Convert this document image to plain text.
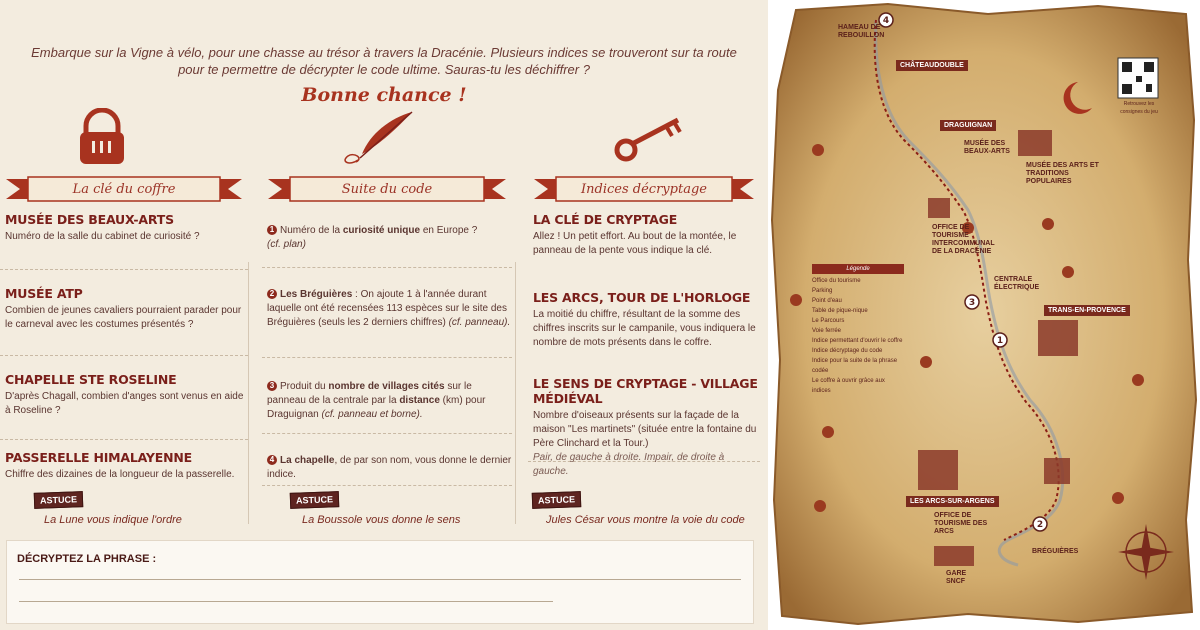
Embarque sur la Vigne à vélo, pour une chasse au trésor à travers la Dracénie. Plusieurs indices se trouveront sur ta route
pour te permettre de décrypter le code ultime. Sauras-tu les déchiffrer ?
Bonne chance !
La clé du coffre
MUSÉE DES BEAUX-ARTS

Numéro de la salle du cabinet de curiosité ?

MUSÉE ATP

Combien de jeunes cavaliers pourraient parader pour le carneval avec les costumes présentés ?

CHAPELLE STE ROSELINE

D'après Chagall, combien d'anges sont venus en aide à Roseline ?

PASSERELLE HIMALAYENNE

Chiffre des dizaines de la longueur de la passerelle.

ASTUCE
La Lune vous indique l'ordre
Suite du code

1 Numéro de la curiosité unique en Europe ?
(cf. plan)

2 Les Bréguières : On ajoute 1 à l'année durant laquelle ont été recensées 113 espèces sur le site des Bréguières (seuls les 2 derniers chiffres) (cf. panneau).

3 Produit du nombre de villages cités sur le panneau de la centrale par la distance (km) pour Draguignan (cf. panneau et borne).

4 La chapelle, de par son nom, vous donne le dernier indice.

ASTUCE
La Boussole vous donne le sens
Indices décryptage
LA CLÉ DE CRYPTAGE

Allez ! Un petit effort. Au bout de la montée, le panneau de la pente vous indique la clé.

LES ARCS, TOUR DE L'HORLOGE

La moitié du chiffre, résultant de la somme des chiffres inscrits sur le campanile, vous indiquera le nombre de mots présents dans le coffre.

LE SENS DE CRYPTAGE - VILLAGE MÉDIÉVAL

Nombre d'oiseaux présents sur la façade de la maison "Les martinets" (située entre la fontaine du Père Clinchard et la Tour.)

Pair, de gauche à droite. Impair, de droite à gauche.

ASTUCE
Jules César vous montre la voie du code
DÉCRYPTEZ LA PHRASE :
4
3
1
2
HAMEAU DE REBOUILLON
CHÂTEAUDOUBLE
DRAGUIGNAN
MUSÉE DES BEAUX-ARTS
MUSÉE DES ARTS ET TRADITIONS POPULAIRES
OFFICE DE TOURISME INTERCOMMUNAL DE LA DRACÉNIE
CENTRALE ÉLECTRIQUE
TRANS-EN-PROVENCE
LES ARCS-SUR-ARGENS
OFFICE DE TOURISME DES ARCS
GARE SNCF
BRÉGUIÈRES
Retrouvez les consignes du jeu
Légende
Office du tourisme
Parking
Point d'eau
Table de pique-nique
Le Parcours
Voie ferrée
Indice permettant d'ouvrir le coffre
Indice décryptage du code
Indice pour la suite de la phrase codée
Le coffre à ouvrir grâce aux indices
